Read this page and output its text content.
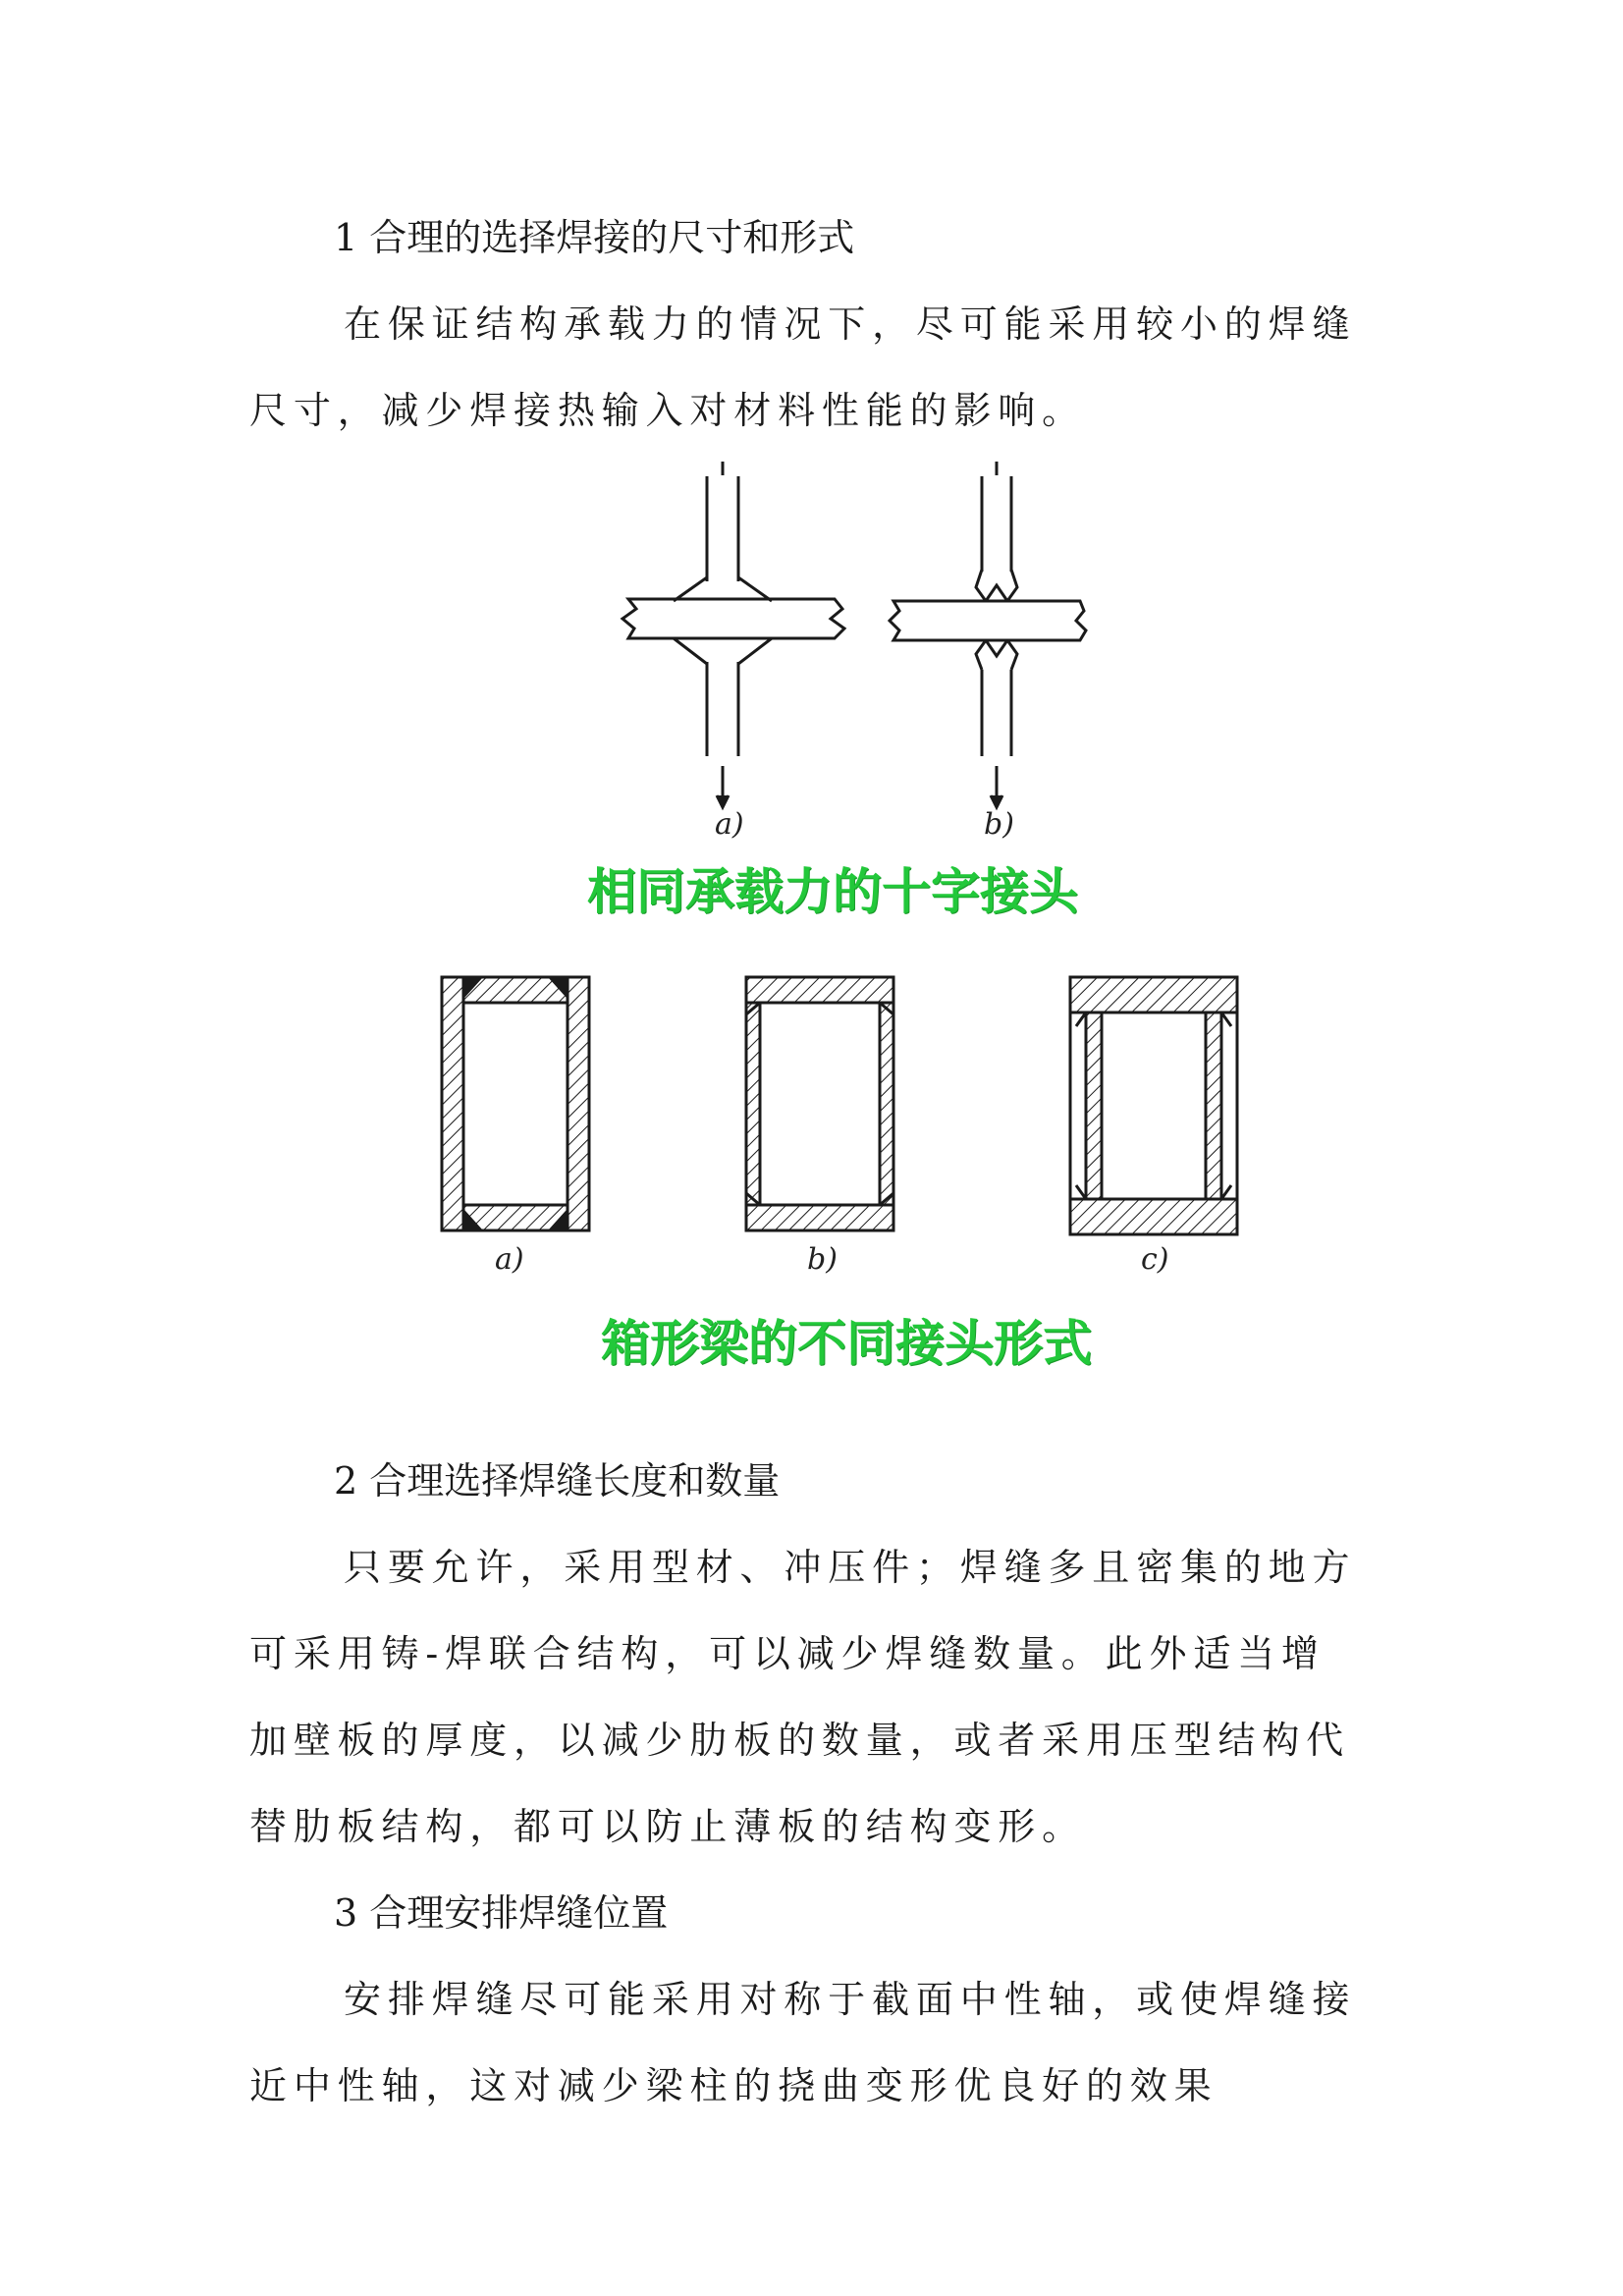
1 合理的选择焊接的尺寸和形式
在保证结构承载力的情况下，尽可能采用较小的焊缝
尺寸，减少焊接热输入对材料性能的影响。
a)	b)
相同承载力的十字接头
a)	b)	c)
箱形梁的不同接头形式
2 合理选择焊缝长度和数量
只要允许，采用型材、冲压件；焊缝多且密集的地方
可采用铸-焊联合结构，可以减少焊缝数量。此外适当增
加壁板的厚度，以减少肋板的数量，或者采用压型结构代
替肋板结构，都可以防止薄板的结构变形。
3 合理安排焊缝位置
安排焊缝尽可能采用对称于截面中性轴，或使焊缝接
近中性轴，这对减少梁柱的挠曲变形优良好的效果
